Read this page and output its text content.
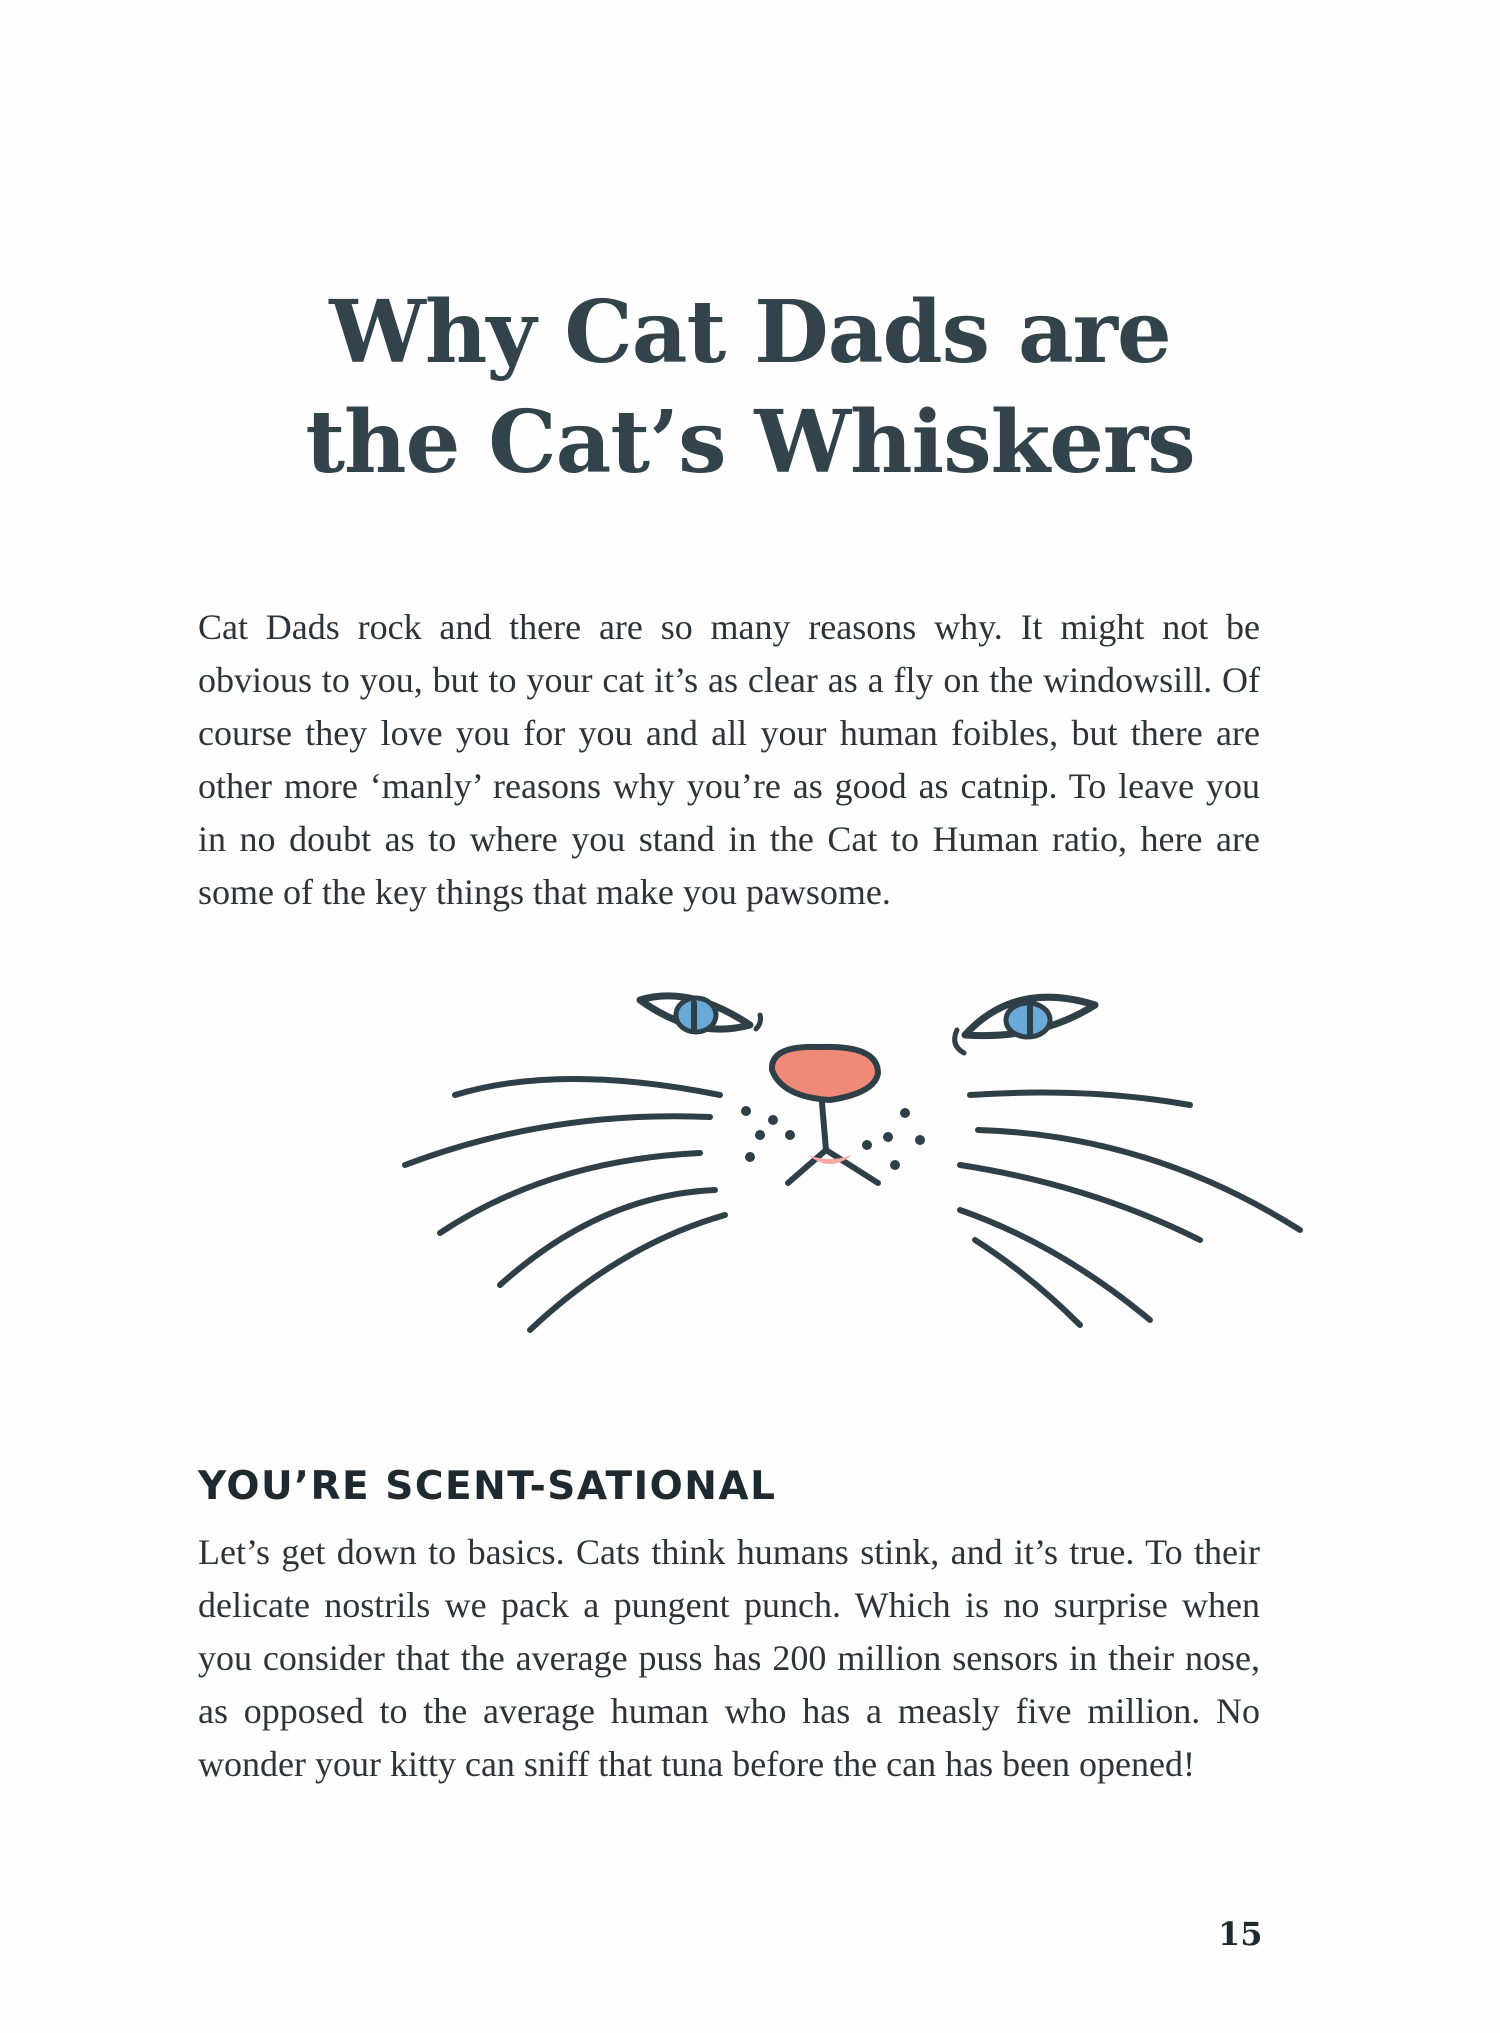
Why Cat Dads are
the Cat’s Whiskers

Cat Dads rock and there are so many reasons why. It might not be obvious to you, but to your cat it’s as clear as a fly on the windowsill. Of course they love you for you and all your human foibles, but there are other more ‘manly’ reasons why you’re as good as catnip. To leave you in no doubt as to where you stand in the Cat to Human ratio, here are some of the key things that make you pawsome.

YOU’RE SCENT-SATIONAL

Let’s get down to basics. Cats think humans stink, and it’s true. To their delicate nostrils we pack a pungent punch. Which is no surprise when you consider that the average puss has 200 million sensors in their nose, as opposed to the average human who has a measly five million. No wonder your kitty can sniff that tuna before the can has been opened!

15
